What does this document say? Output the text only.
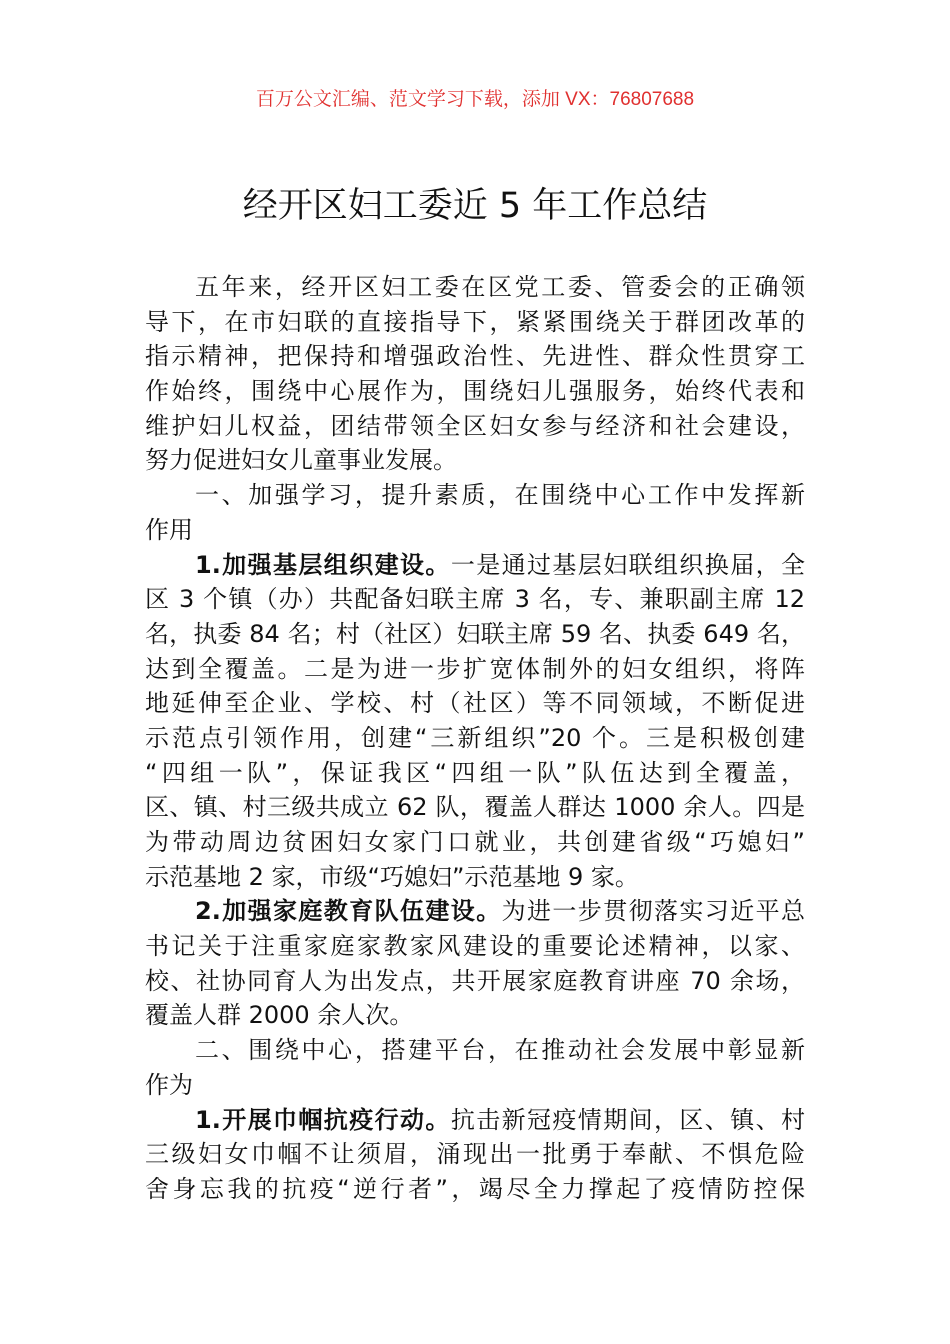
百万公文汇编、范文学习下载，添加 VX：76807688
经开区妇工委近 5 年工作总结
五年来，经开区妇工委在区党工委、管委会的正确领
导下，在市妇联的直接指导下，紧紧围绕关于群团改革的
指示精神，把保持和增强政治性、先进性、群众性贯穿工
作始终，围绕中心展作为，围绕妇儿强服务，始终代表和
维护妇儿权益，团结带领全区妇女参与经济和社会建设，
努力促进妇女儿童事业发展。
一、加强学习，提升素质，在围绕中心工作中发挥新
作用
1.加强基层组织建设。一是通过基层妇联组织换届，全
区 3 个镇（办）共配备妇联主席 3 名，专、兼职副主席 12
名，执委 84 名；村（社区）妇联主席 59 名、执委 649 名，
达到全覆盖。二是为进一步扩宽体制外的妇女组织，将阵
地延伸至企业、学校、村（社区）等不同领域，不断促进
示范点引领作用，创建“三新组织”20 个。三是积极创建
“四组一队”，保证我区“四组一队”队伍达到全覆盖，
区、镇、村三级共成立 62 队，覆盖人群达 1000 余人。四是
为带动周边贫困妇女家门口就业，共创建省级“巧媳妇”
示范基地 2 家，市级“巧媳妇”示范基地 9 家。
2.加强家庭教育队伍建设。为进一步贯彻落实习近平总
书记关于注重家庭家教家风建设的重要论述精神，以家、
校、社协同育人为出发点，共开展家庭教育讲座 70 余场，
覆盖人群 2000 余人次。
二、围绕中心，搭建平台，在推动社会发展中彰显新
作为
1.开展巾帼抗疫行动。抗击新冠疫情期间，区、镇、村
三级妇女巾帼不让须眉，涌现出一批勇于奉献、不惧危险
舍身忘我的抗疫“逆行者”，竭尽全力撑起了疫情防控保
